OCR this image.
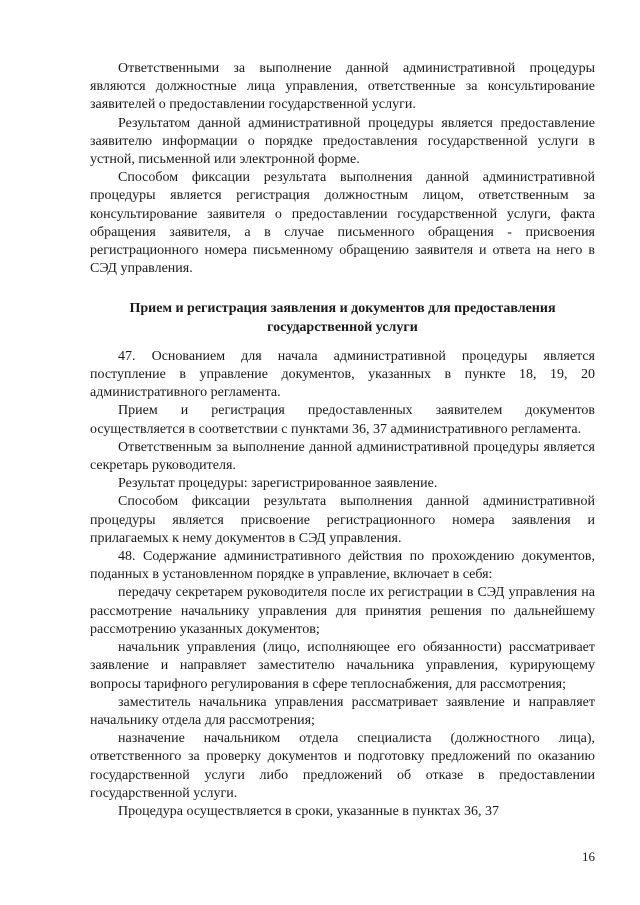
Ответственными за выполнение данной административной процедуры являются должностные лица управления, ответственные за консультирование заявителей о предоставлении государственной услуги.

Результатом данной административной процедуры является предоставление заявителю информации о порядке предоставления государственной услуги в устной, письменной или электронной форме.

Способом фиксации результата выполнения данной административной процедуры является регистрация должностным лицом, ответственным за консультирование заявителя о предоставлении государственной услуги, факта обращения заявителя, а в случае письменного обращения - присвоения регистрационного номера письменному обращению заявителя и ответа на него в СЭД управления.

Прием и регистрация заявления и документов для предоставления государственной услуги

47. Основанием для начала административной процедуры является поступление в управление документов, указанных в пункте 18, 19, 20 административного регламента.

Прием и регистрация предоставленных заявителем документов осуществляется в соответствии с пунктами 36, 37 административного регламента.

Ответственным за выполнение данной административной процедуры является секретарь руководителя.

Результат процедуры: зарегистрированное заявление.

Способом фиксации результата выполнения данной административной процедуры является присвоение регистрационного номера заявления и прилагаемых к нему документов в СЭД управления.

48. Содержание административного действия по прохождению документов, поданных в установленном порядке в управление, включает в себя:

передачу секретарем руководителя после их регистрации в СЭД управления на рассмотрение начальнику управления для принятия решения по дальнейшему рассмотрению указанных документов;

начальник управления (лицо, исполняющее его обязанности) рассматривает заявление и направляет заместителю начальника управления, курирующему вопросы тарифного регулирования в сфере теплоснабжения, для рассмотрения;

заместитель начальника управления рассматривает заявление и направляет начальнику отдела для рассмотрения;

назначение начальником отдела специалиста (должностного лица), ответственного за проверку документов и подготовку предложений по оказанию государственной услуги либо предложений об отказе в предоставлении государственной услуги.

Процедура осуществляется в сроки, указанные в пунктах 36, 37

16
